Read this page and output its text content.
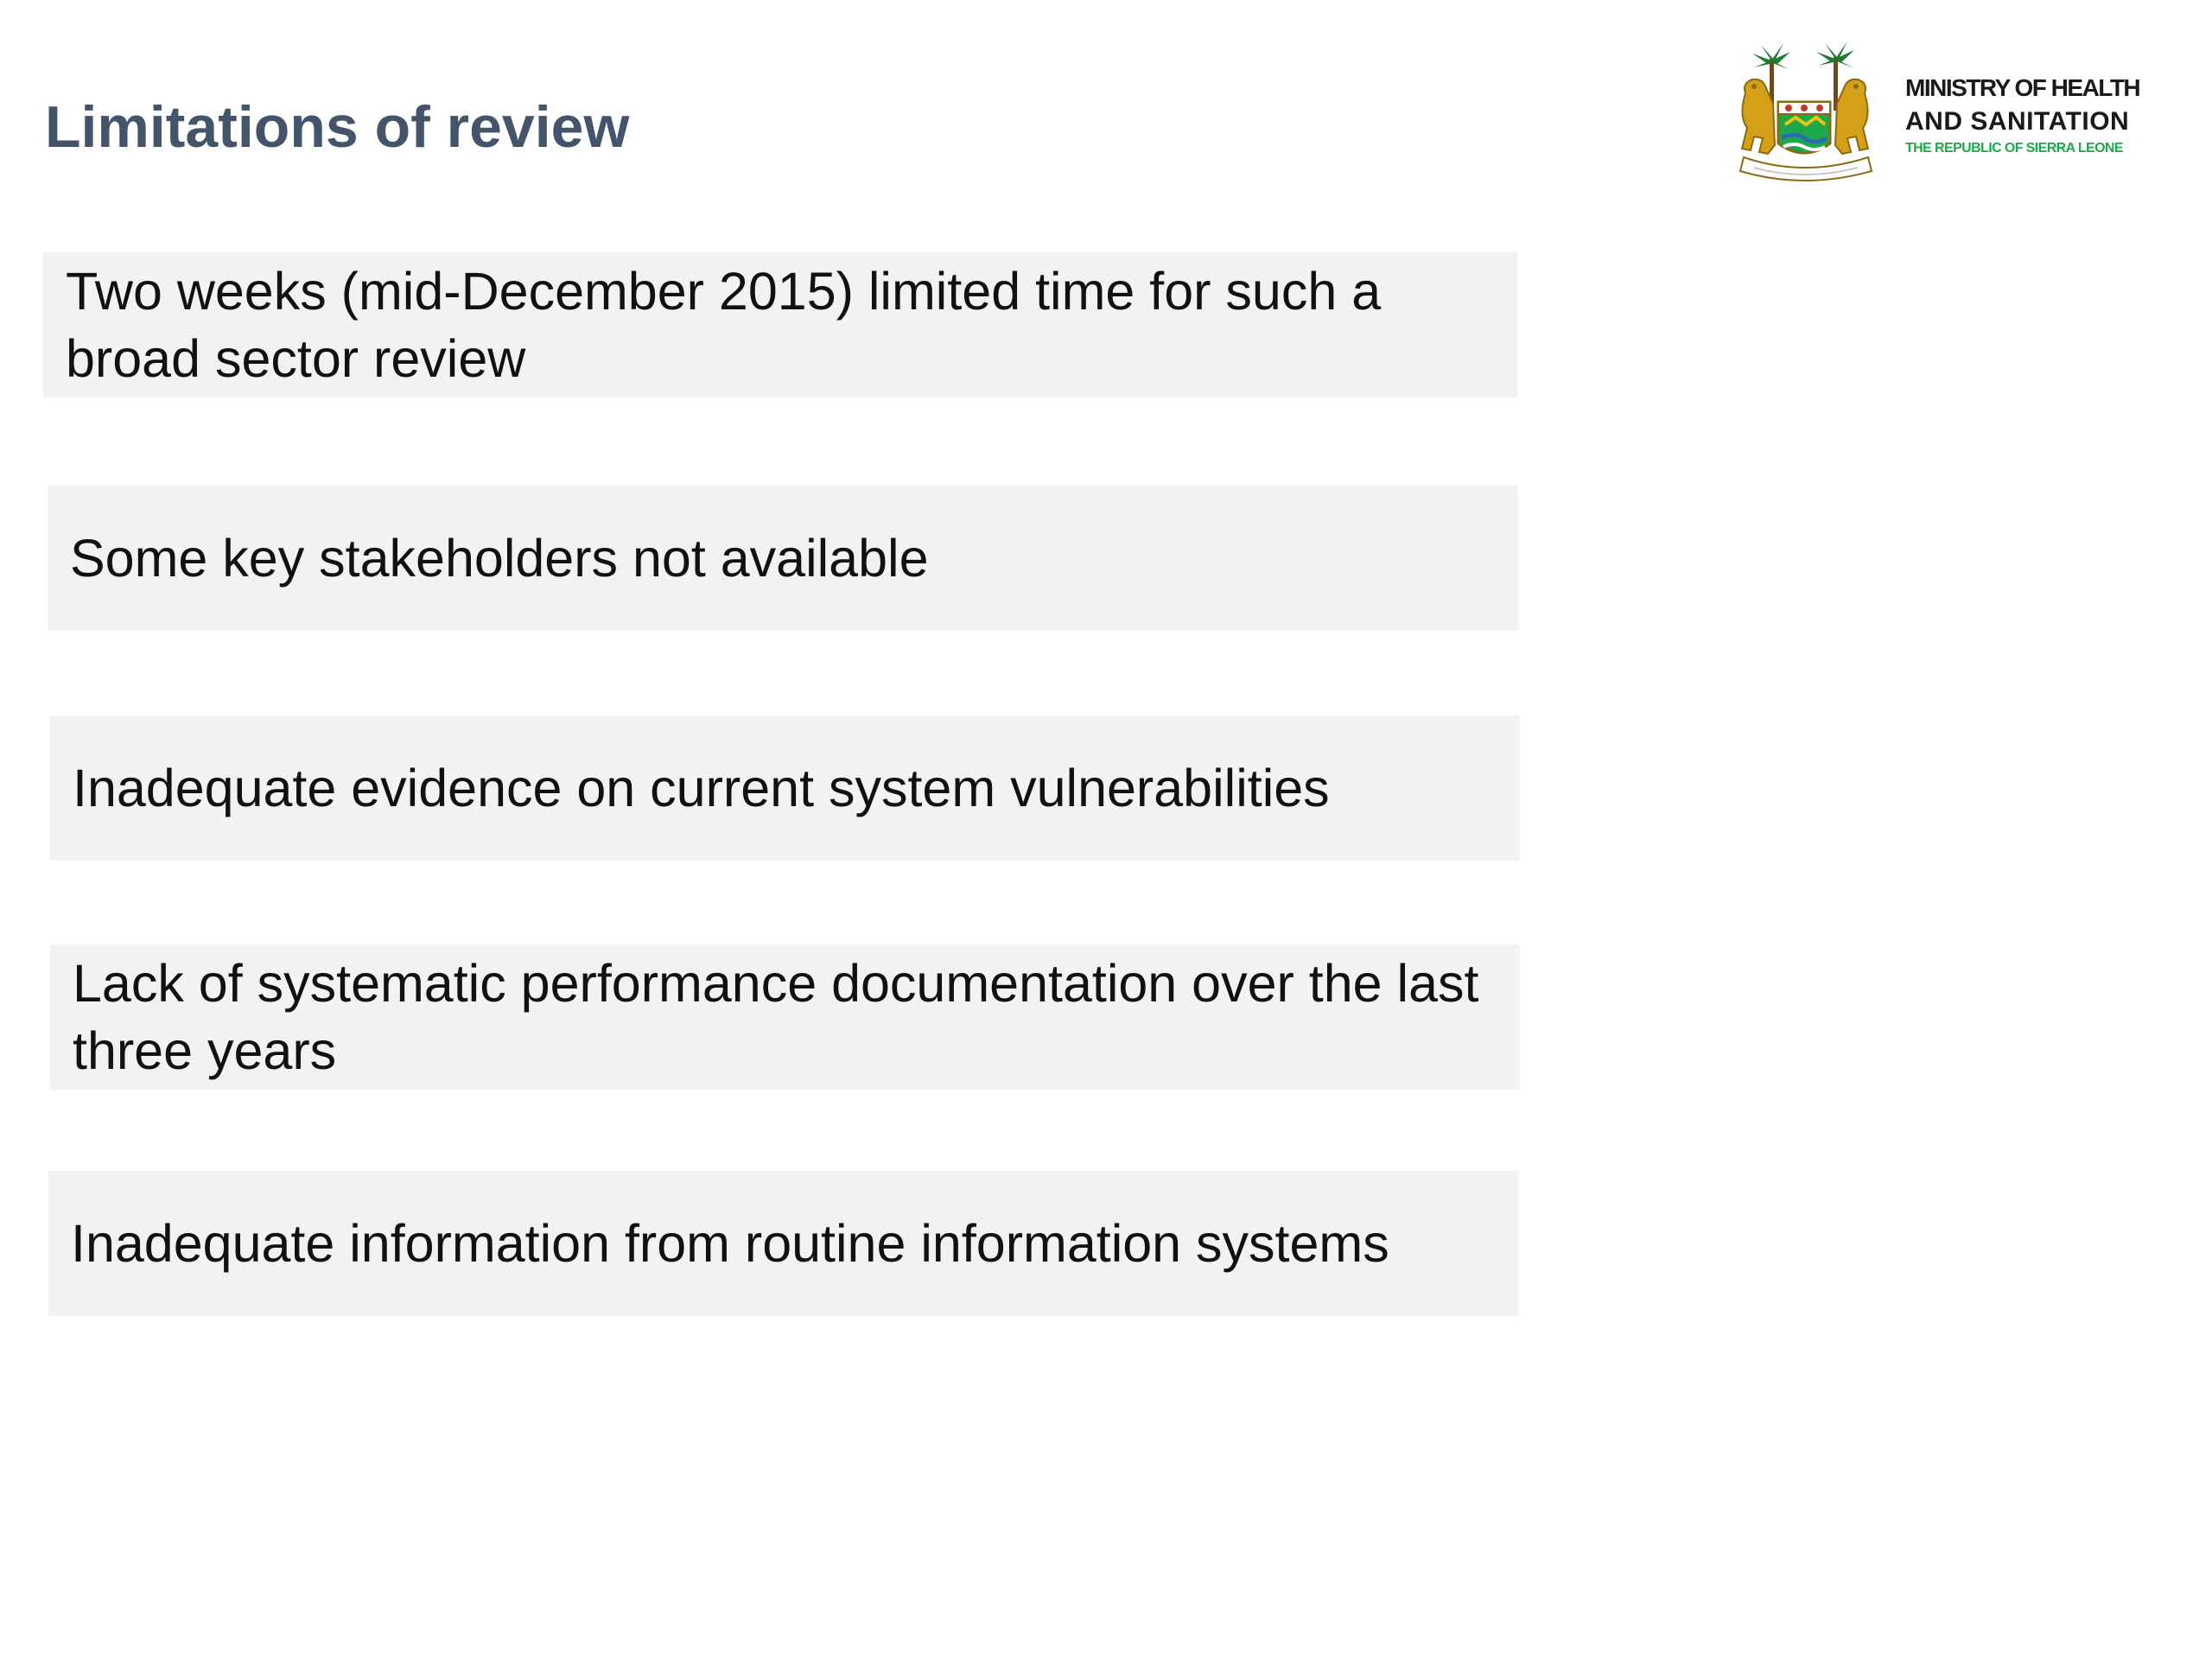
Limitations of review
MINISTRY OF HEALTH
AND SANITATION
THE REPUBLIC OF SIERRA LEONE
Two weeks (mid-December 2015) limited time for such a broad sector review
Some key stakeholders not available
Inadequate evidence on current system vulnerabilities
Lack of systematic performance documentation over the last three years
Inadequate information from routine information systems
